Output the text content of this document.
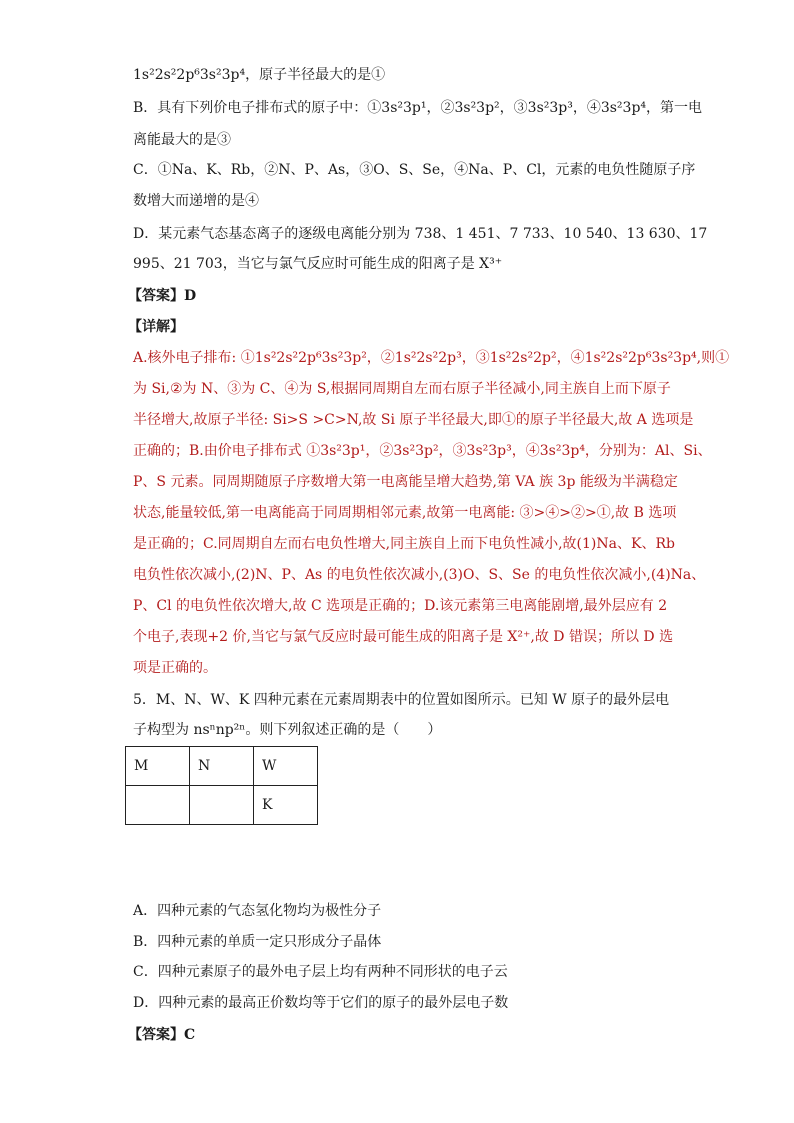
1s²2s²2p⁶3s²3p⁴，原子半径最大的是①
B．具有下列价电子排布式的原子中：①3s²3p¹，②3s²3p²，③3s²3p³，④3s²3p⁴，第一电
离能最大的是③
C．①Na、K、Rb，②N、P、As，③O、S、Se，④Na、P、Cl，元素的电负性随原子序
数增大而递增的是④
D．某元素气态基态离子的逐级电离能分别为 738、1 451、7 733、10 540、13 630、17
995、21 703，当它与氯气反应时可能生成的阳离子是 X³⁺
【答案】D
【详解】
A.核外电子排布: ①1s²2s²2p⁶3s²3p²，②1s²2s²2p³，③1s²2s²2p²，④1s²2s²2p⁶3s²3p⁴,则①
为 Si,②为 N、③为 C、④为 S,根据同周期自左而右原子半径减小,同主族自上而下原子
半径增大,故原子半径: Si>S >C>N,故 Si 原子半径最大,即①的原子半径最大,故 A 选项是
正确的；B.由价电子排布式 ①3s²3p¹，②3s²3p²，③3s²3p³，④3s²3p⁴，分别为：Al、Si、
P、S 元素。同周期随原子序数增大第一电离能呈增大趋势,第 VA 族 3p 能级为半满稳定
状态,能量较低,第一电离能高于同周期相邻元素,故第一电离能: ③>④>②>①,故 B 选项
是正确的；C.同周期自左而右电负性增大,同主族自上而下电负性减小,故(1)Na、K、Rb
电负性依次减小,(2)N、P、As 的电负性依次减小,(3)O、S、Se 的电负性依次减小,(4)Na、
P、Cl 的电负性依次增大,故 C 选项是正确的；D.该元素第三电离能剧增,最外层应有 2
个电子,表现+2 价,当它与氯气反应时最可能生成的阳离子是 X²⁺,故 D 错误；所以 D 选
项是正确的。
5．M、N、W、K 四种元素在元素周期表中的位置如图所示。已知 W 原子的最外层电
子构型为 nsⁿnp²ⁿ。则下列叙述正确的是（　　）
M	N	W
		K
A．四种元素的气态氢化物均为极性分子
B．四种元素的单质一定只形成分子晶体
C．四种元素原子的最外电子层上均有两种不同形状的电子云
D．四种元素的最高正价数均等于它们的原子的最外层电子数
【答案】C
